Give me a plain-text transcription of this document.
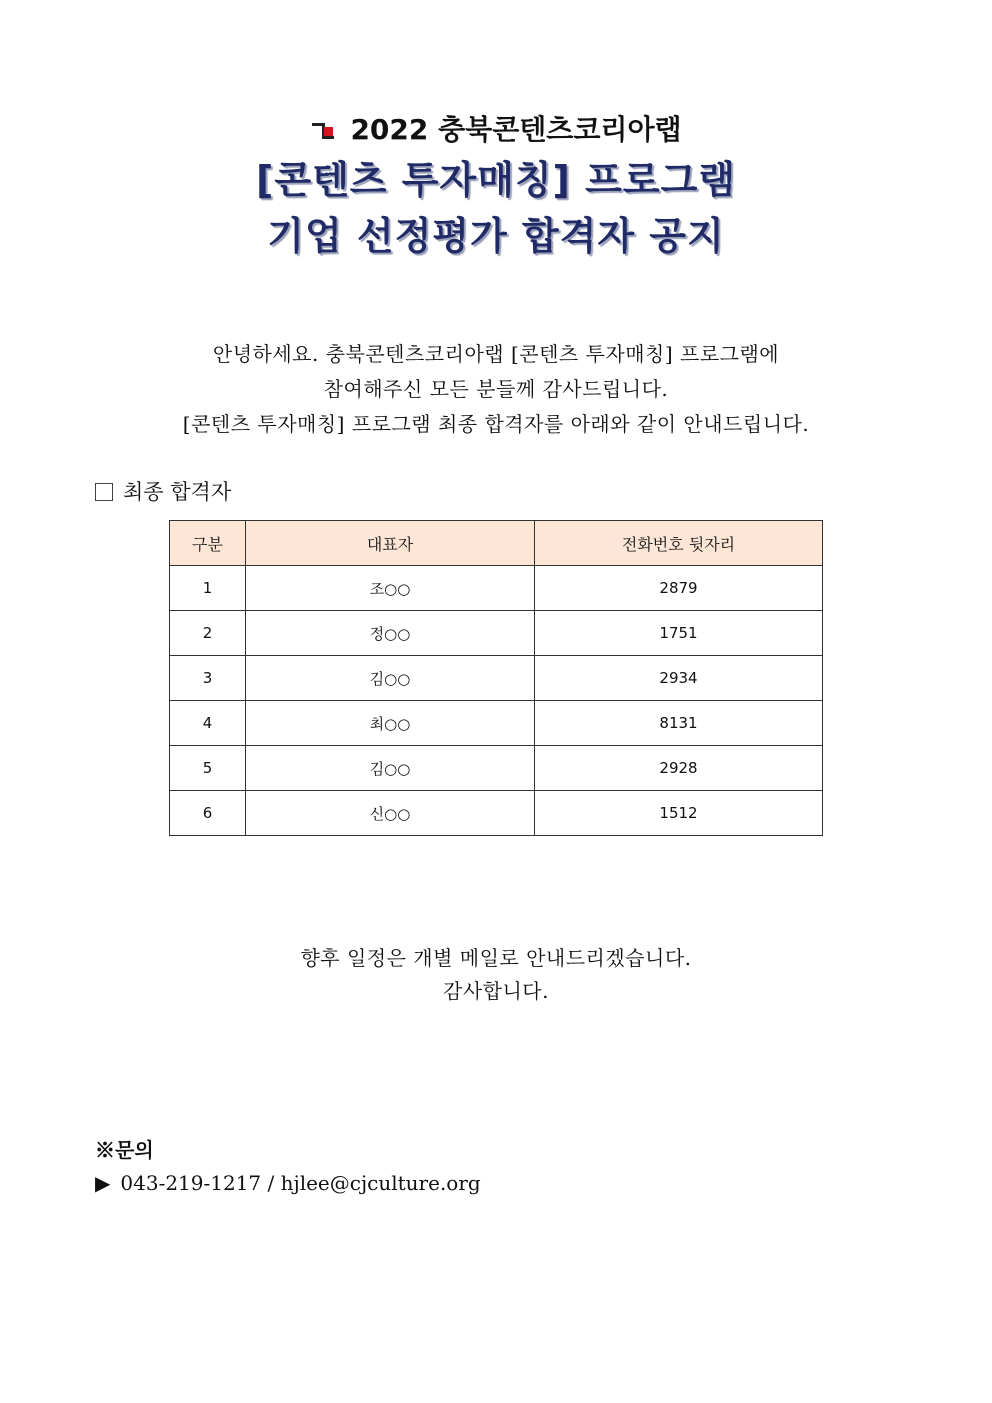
2022 충북콘텐츠코리아랩
[콘텐츠 투자매칭] 프로그램
기업 선정평가 합격자 공지
안녕하세요. 충북콘텐츠코리아랩 [콘텐츠 투자매칭] 프로그램에
참여해주신 모든 분들께 감사드립니다.
[콘텐츠 투자매칭] 프로그램 최종 합격자를 아래와 같이 안내드립니다.
최종 합격자
구분	대표자	전화번호 뒷자리
1	조○○	2879
2	정○○	1751
3	김○○	2934
4	최○○	8131
5	김○○	2928
6	신○○	1512
향후 일정은 개별 메일로 안내드리겠습니다.
감사합니다.
※문의
▶ 043-219-1217 / hjlee@cjculture.org
